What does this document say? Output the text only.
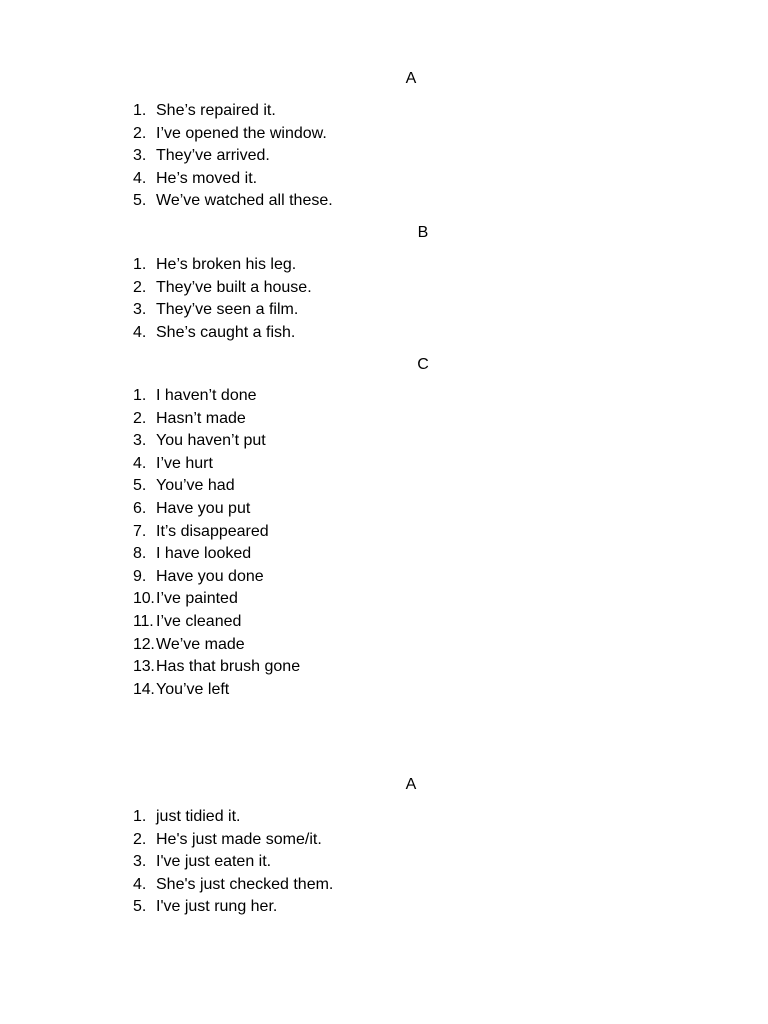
A
1. She’s repaired it.
2. I’ve opened the window.
3. They’ve arrived.
4. He’s moved it.
5. We’ve watched all these.
B
1. He’s broken his leg.
2. They’ve built a house.
3. They’ve seen a film.
4. She’s caught a fish.
C
1. I haven’t done
2. Hasn’t made
3. You haven’t put
4. I’ve hurt
5. You’ve had
6. Have you put
7. It’s disappeared
8. I have looked
9. Have you done
10.I’ve painted
11. I’ve cleaned
12.We’ve made
13.Has that brush gone
14.You’ve left
A
1. just tidied it.
2. He's just made some/it.
3. I've just eaten it.
4. She's just checked them.
5. I've just rung her.
